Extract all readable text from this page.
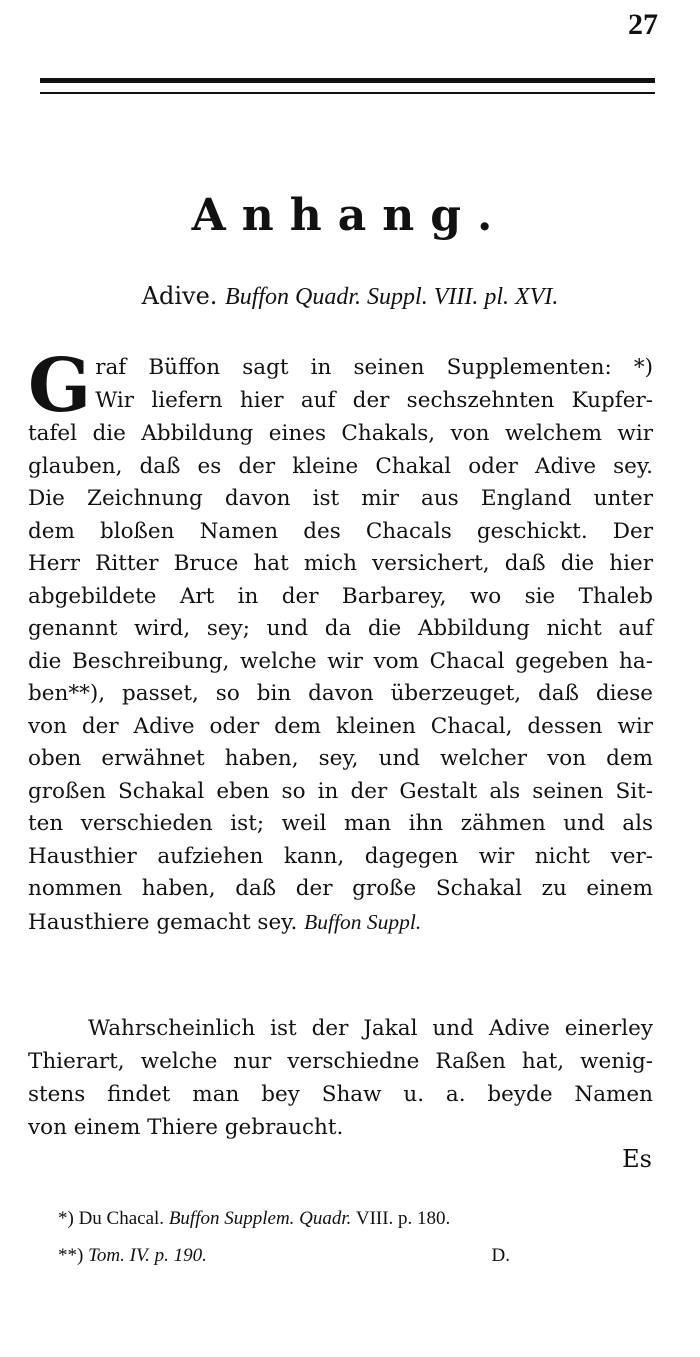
27
Anhang.
Adive. Buffon Quadr. Suppl. VIII. pl. XVI.
G raf Büffon sagt in seinen Supplementen: *)
Wir liefern hier auf der sechszehnten Kupfer-
tafel die Abbildung eines Chakals, von welchem wir
glauben, daß es der kleine Chakal oder Adive sey.
Die Zeichnung davon ist mir aus England unter
dem bloßen Namen des Chacals geschickt. Der
Herr Ritter Bruce hat mich versichert, daß die hier
abgebildete Art in der Barbarey, wo sie Thaleb
genannt wird, sey; und da die Abbildung nicht auf
die Beschreibung, welche wir vom Chacal gegeben ha-
ben**), passet, so bin davon überzeuget, daß diese
von der Adive oder dem kleinen Chacal, dessen wir
oben erwähnet haben, sey, und welcher von dem
großen Schakal eben so in der Gestalt als seinen Sit-
ten verschieden ist; weil man ihn zähmen und als
Hausthier aufziehen kann, dagegen wir nicht ver-
nommen haben, daß der große Schakal zu einem
Hausthiere gemacht sey. Buffon Suppl.
Wahrscheinlich ist der Jakal und Adive einerley
Thierart, welche nur verschiedne Raßen hat, wenig-
stens findet man bey Shaw u. a. beyde Namen
von einem Thiere gebraucht.
Es
*) Du Chacal. Buffon Supplem. Quadr. VIII. p. 180.
**) Tom. IV. p. 190.	D.
